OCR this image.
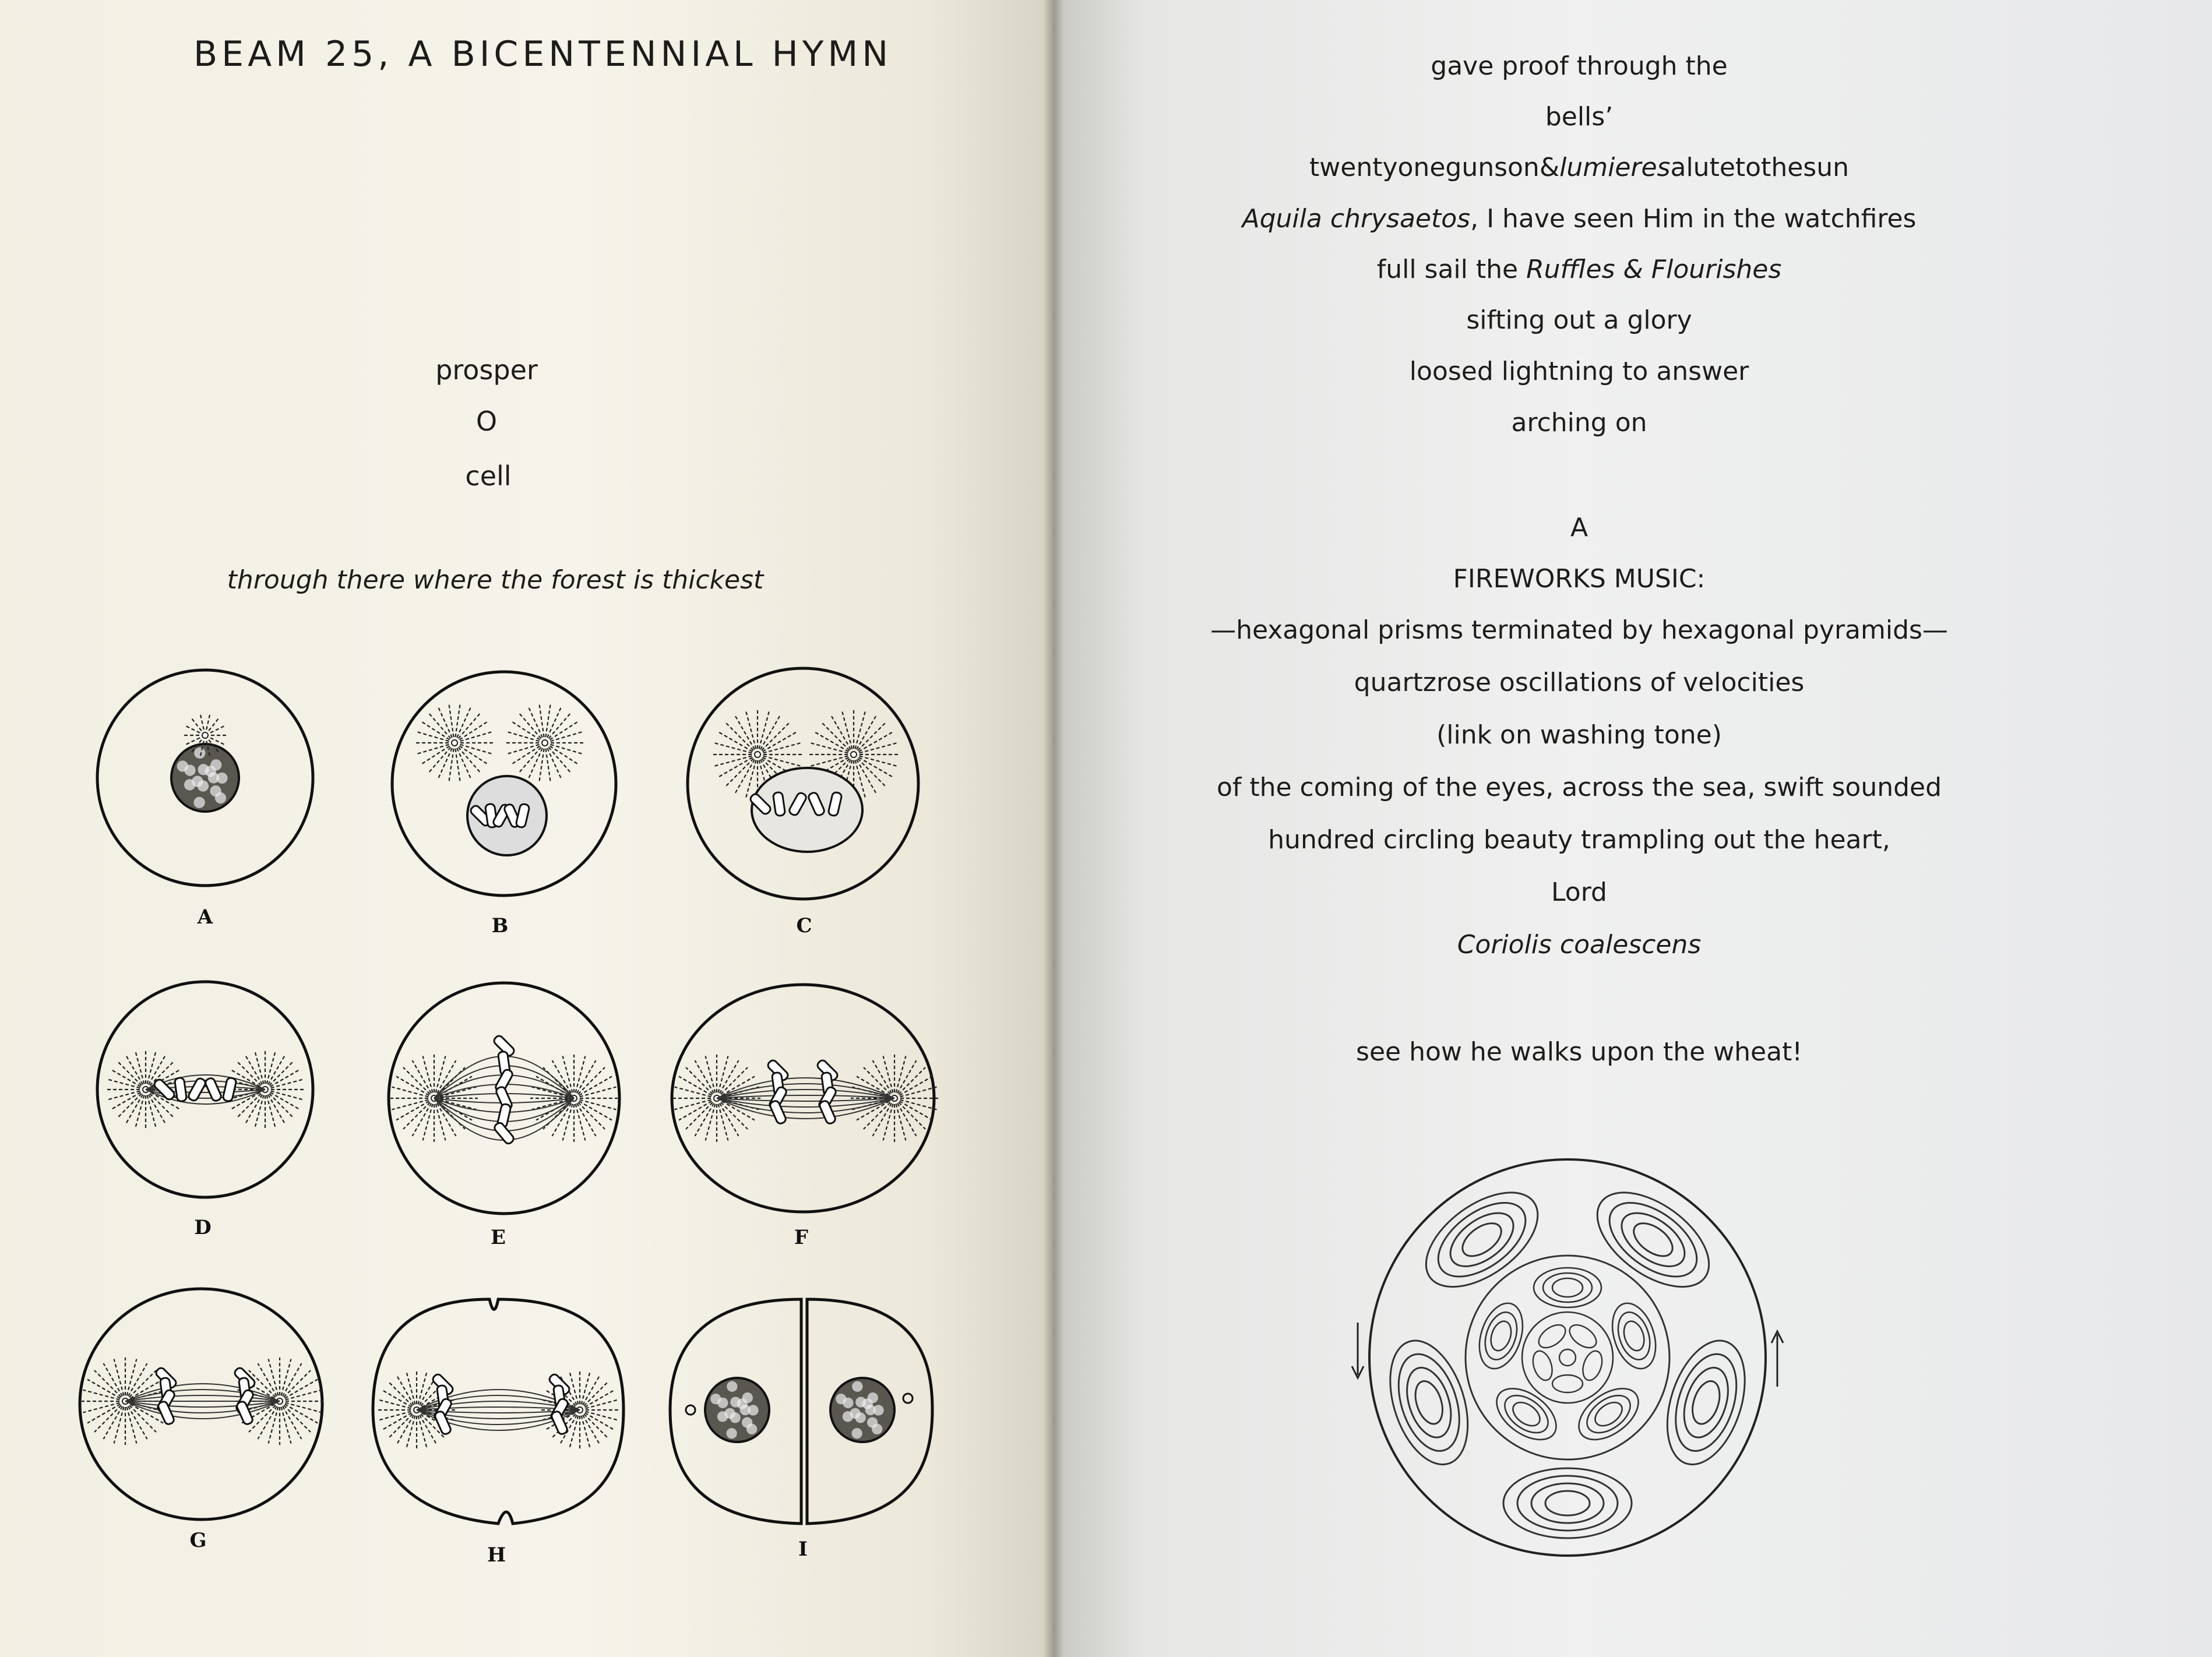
BEAM 25, A BICENTENNIAL HYMN
prosper
O
cell
through there where the forest is thickest
A	B	C
D	E	F
G
H	I
gave proof through the
bells’
twentyonegunson&lumieresalutetothesun
Aquila chrysaetos, I have seen Him in the watchfires
full sail the Ruffles & Flourishes
sifting out a glory
loosed lightning to answer
arching on
A
FIREWORKS MUSIC:
—hexagonal prisms terminated by hexagonal pyramids—
quartzrose oscillations of velocities
(link on washing tone)
of the coming of the eyes, across the sea, swift sounded
hundred circling beauty trampling out the heart,
Lord
Coriolis coalescens
see how he walks upon the wheat!
